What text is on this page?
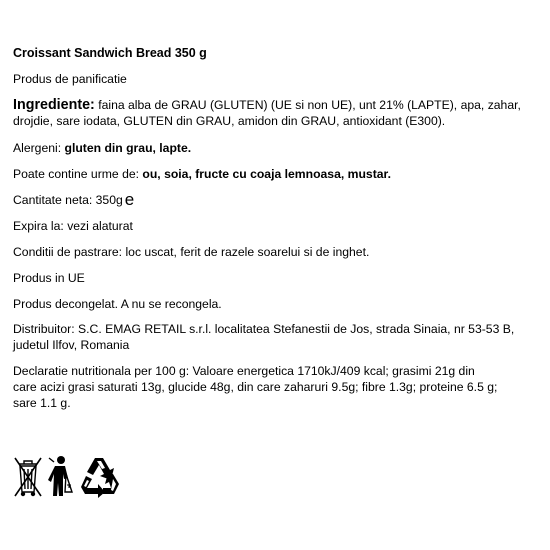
Croissant Sandwich Bread 350 g
Produs de panificatie
Ingrediente: faina alba de GRAU (GLUTEN) (UE si non UE), unt 21% (LAPTE), apa, zahar,
drojdie, sare iodata, GLUTEN din GRAU, amidon din GRAU, antioxidant (E300).
Alergeni: gluten din grau, lapte.
Poate contine urme de: ou, soia, fructe cu coaja lemnoasa, mustar.
Cantitate neta: 350g e
Expira la: vezi alaturat
Conditii de pastrare: loc uscat, ferit de razele soarelui si de inghet.
Produs in UE
Produs decongelat. A nu se recongela.
Distribuitor: S.C. EMAG RETAIL s.r.l. localitatea Stefanestii de Jos, strada Sinaia, nr 53-53 B,
judetul Ilfov, Romania
Declaratie nutritionala per 100 g: Valoare energetica 1710kJ/409 kcal; grasimi 21g din
care acizi grasi saturati 13g, glucide 48g, din care zaharuri 9.5g; fibre 1.3g; proteine 6.5 g;
sare 1.1 g.
